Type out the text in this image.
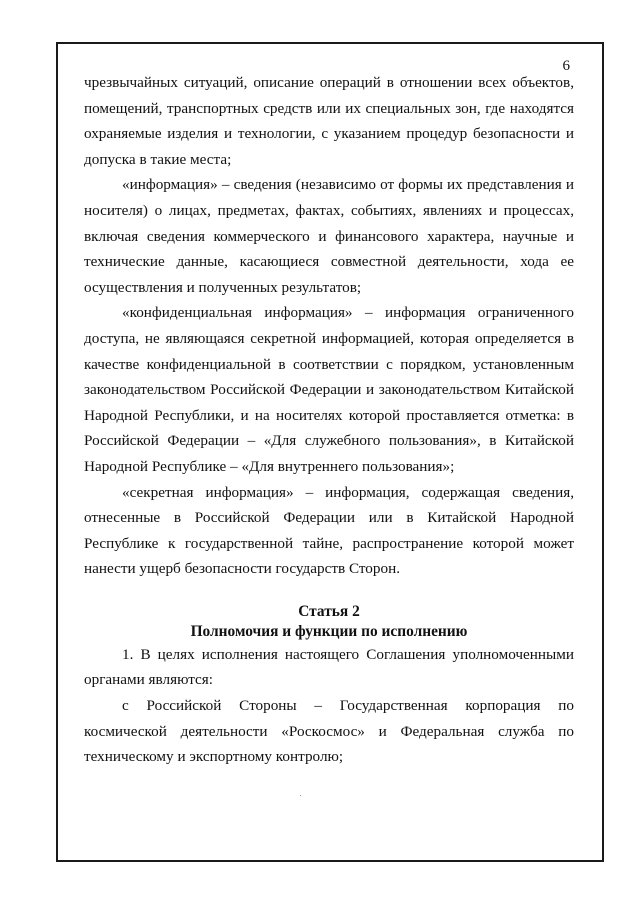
6

чрезвычайных ситуаций, описание операций в отношении всех объектов, помещений, транспортных средств или их специальных зон, где находятся охраняемые изделия и технологии, с указанием процедур безопасности и допуска в такие места;

«информация» – сведения (независимо от формы их представления и носителя) о лицах, предметах, фактах, событиях, явлениях и процессах, включая сведения коммерческого и финансового характера, научные и технические данные, касающиеся совместной деятельности, хода ее осуществления и полученных результатов;

«конфиденциальная информация» – информация ограниченного доступа, не являющаяся секретной информацией, которая определяется в качестве конфиденциальной в соответствии с порядком, установленным законодательством Российской Федерации и законодательством Китайской Народной Республики, и на носителях которой проставляется отметка: в Российской Федерации – «Для служебного пользования», в Китайской Народной Республике – «Для внутреннего пользования»;

«секретная информация» – информация, содержащая сведения, отнесенные в Российской Федерации или в Китайской Народной Республике к государственной тайне, распространение которой может нанести ущерб безопасности государств Сторон.

Статья 2
Полномочия и функции по исполнению

1. В целях исполнения настоящего Соглашения уполномоченными органами являются:

с Российской Стороны – Государственная корпорация по космической деятельности «Роскосмос» и Федеральная служба по техническому и экспортному контролю;
